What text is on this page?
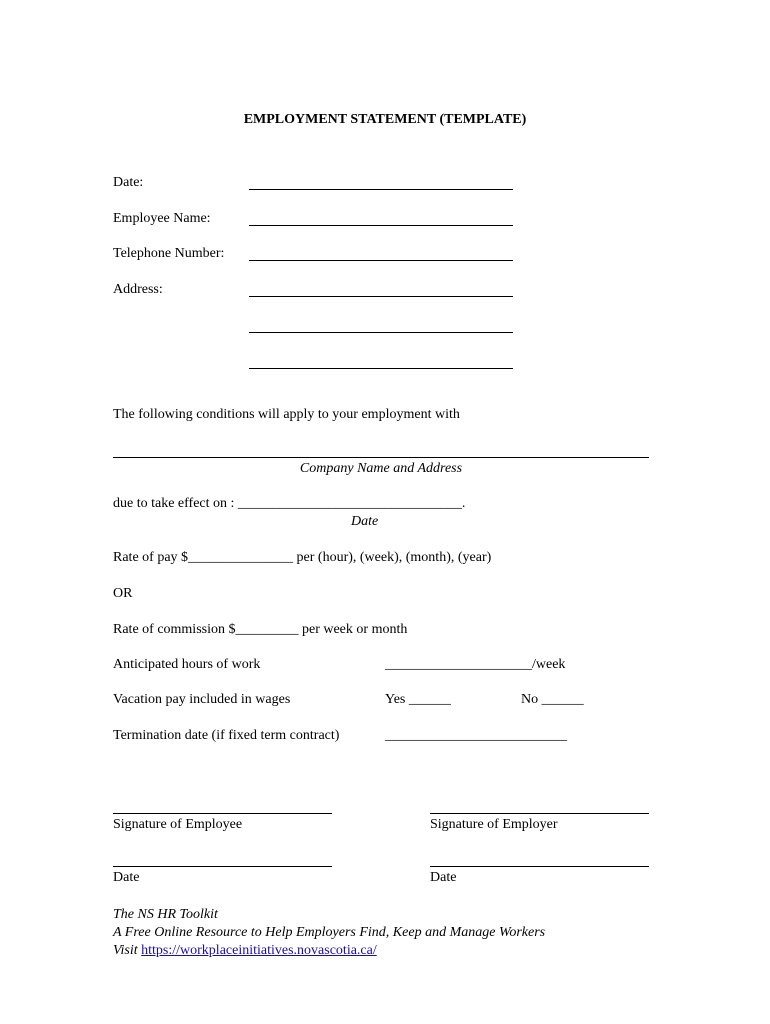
EMPLOYMENT STATEMENT (TEMPLATE)
Date:
Employee Name:
Telephone Number:
Address:
The following conditions will apply to your employment with
Company Name and Address
due to take effect on : ________________________________.
Date
Rate of pay $_______________ per (hour), (week), (month), (year)
OR
Rate of commission $_________ per week or month
Anticipated hours of work	_____________________/week
Vacation pay included in wages	Yes ______	No ______
Termination date (if fixed term contract)	__________________________
Signature of Employee	Signature of Employer
Date	Date
The NS HR Toolkit
A Free Online Resource to Help Employers Find, Keep and Manage Workers
Visit https://workplaceinitiatives.novascotia.ca/
